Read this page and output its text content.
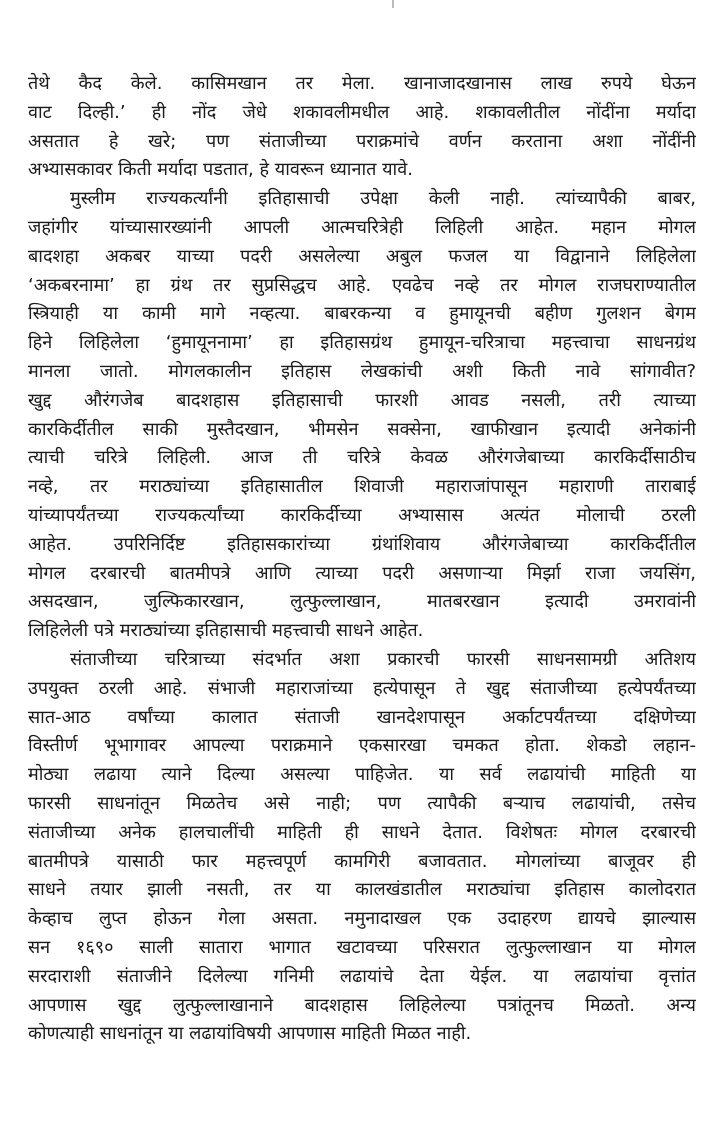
तेथे कैद केले. कासिमखान तर मेला. खानाजादखानास लाख रुपये घेऊन
वाट दिल्ही.’ ही नोंद जेधे शकावलीमधील आहे. शकावलीतील नोंदींना मर्यादा
असतात हे खरे; पण संताजीच्या पराक्रमांचे वर्णन करताना अशा नोंदींनी
अभ्यासकावर किती मर्यादा पडतात, हे यावरून ध्यानात यावे.
मुस्लीम राज्यकर्त्यांनी इतिहासाची उपेक्षा केली नाही. त्यांच्यापैकी बाबर,
जहांगीर यांच्यासारख्यांनी आपली आत्मचरित्रेही लिहिली आहेत. महान मोगल
बादशहा अकबर याच्या पदरी असलेल्या अबुल फजल या विद्वानाने लिहिलेला
‘अकबरनामा’ हा ग्रंथ तर सुप्रसिद्धच आहे. एवढेच नव्हे तर मोगल राजघराण्यातील
स्त्रियाही या कामी मागे नव्हत्या. बाबरकन्या व हुमायूनची बहीण गुलशन बेगम
हिने लिहिलेला ‘हुमायूननामा’ हा इतिहासग्रंथ हुमायून-चरित्राचा महत्त्वाचा साधनग्रंथ
मानला जातो. मोगलकालीन इतिहास लेखकांची अशी किती नावे सांगावीत?
खुद्द औरंगजेब बादशहास इतिहासाची फारशी आवड नसली, तरी त्याच्या
कारकिर्दीतील साकी मुस्तैदखान, भीमसेन सक्सेना, खाफीखान इत्यादी अनेकांनी
त्याची चरित्रे लिहिली. आज ती चरित्रे केवळ औरंगजेबाच्या कारकिर्दीसाठीच
नव्हे, तर मराठ्यांच्या इतिहासातील शिवाजी महाराजांपासून महाराणी ताराबाई
यांच्यापर्यंतच्या राज्यकर्त्यांच्या कारकिर्दीच्या अभ्यासास अत्यंत मोलाची ठरली
आहेत. उपरिनिर्दिष्ट इतिहासकारांच्या ग्रंथांशिवाय औरंगजेबाच्या कारकिर्दीतील
मोगल दरबारची बातमीपत्रे आणि त्याच्या पदरी असणाऱ्या मिर्झा राजा जयसिंग,
असदखान, जुल्फिकारखान, लुत्फुल्लाखान, मातबरखान इत्यादी उमरावांनी
लिहिलेली पत्रे मराठ्यांच्या इतिहासाची महत्त्वाची साधने आहेत.
संताजीच्या चरित्राच्या संदर्भात अशा प्रकारची फारसी साधनसामग्री अतिशय
उपयुक्त ठरली आहे. संभाजी महाराजांच्या हत्येपासून ते खुद्द संताजीच्या हत्येपर्यंतच्या
सात-आठ वर्षांच्या कालात संताजी खानदेशपासून अर्काटपर्यंतच्या दक्षिणेच्या
विस्तीर्ण भूभागावर आपल्या पराक्रमाने एकसारखा चमकत होता. शेकडो लहान-
मोठ्या लढाया त्याने दिल्या असल्या पाहिजेत. या सर्व लढायांची माहिती या
फारसी साधनांतून मिळतेच असे नाही; पण त्यापैकी बऱ्याच लढायांची, तसेच
संताजीच्या अनेक हालचालींची माहिती ही साधने देतात. विशेषतः मोगल दरबारची
बातमीपत्रे यासाठी फार महत्त्वपूर्ण कामगिरी बजावतात. मोगलांच्या बाजूवर ही
साधने तयार झाली नसती, तर या कालखंडातील मराठ्यांचा इतिहास कालोदरात
केव्हाच लुप्त होऊन गेला असता. नमुनादाखल एक उदाहरण द्यायचे झाल्यास
सन १६९० साली सातारा भागात खटावच्या परिसरात लुत्फुल्लाखान या मोगल
सरदाराशी संताजीने दिलेल्या गनिमी लढायांचे देता येईल. या लढायांचा वृत्तांत
आपणास खुद्द लुत्फुल्लाखानाने बादशहास लिहिलेल्या पत्रांतूनच मिळतो. अन्य
कोणत्याही साधनांतून या लढायांविषयी आपणास माहिती मिळत नाही.
